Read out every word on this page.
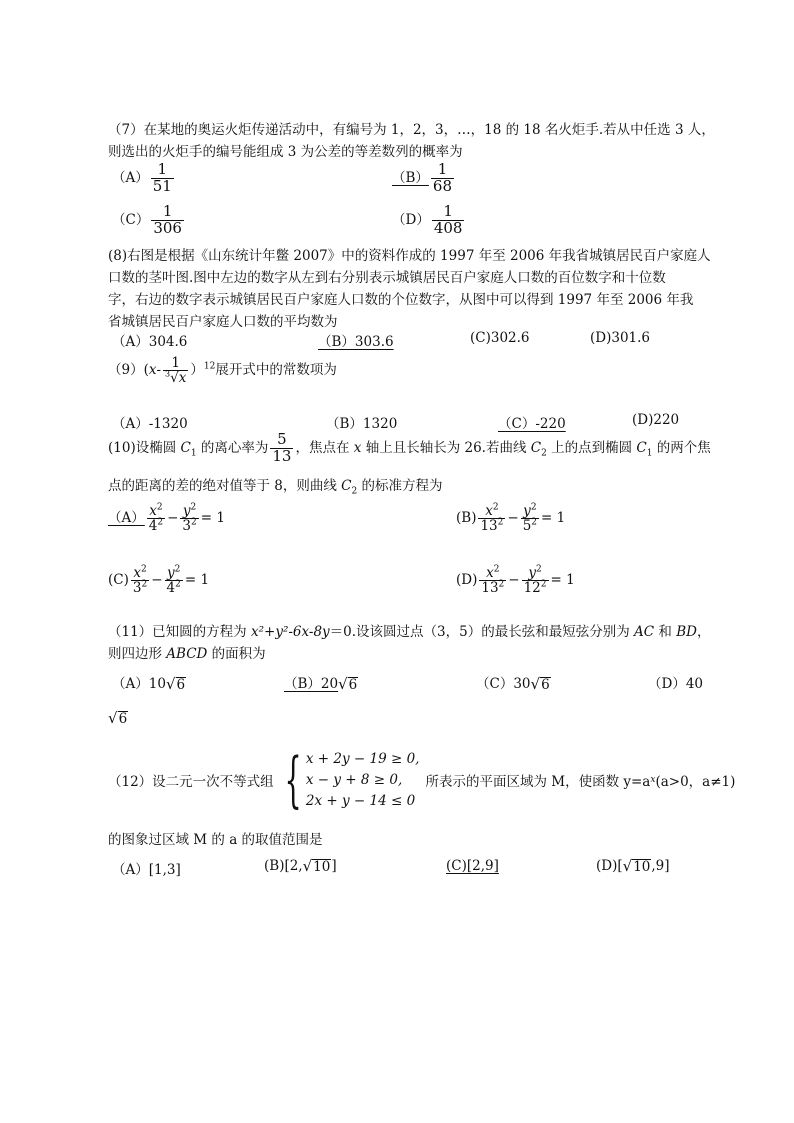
（7）在某地的奥运火炬传递活动中，有编号为 1，2，3，…，18 的 18 名火炬手.若从中任选 3 人，
则选出的火炬手的编号能组成 3 为公差的等差数列的概率为
$(A) \frac{1}{51}$	$(B) \frac{1}{68}$
$(C) \frac{1}{306}$	$(D) \frac{1}{408}$
(8)右图是根据《山东统计年鳖 2007》中的资料作成的 1997 年至 2006 年我省城镇居民百户家庭人
口数的茎叶图.图中左边的数字从左到右分别表示城镇居民百户家庭人口数的百位数字和十位数
字，右边的数字表示城镇居民百户家庭人口数的个位数字，从图中可以得到 1997 年至 2006 年我
省城镇居民百户家庭人口数的平均数为
（A）304.6	（B）303.6	(C)302.6	(D)301.6
$(9)(x- \frac{1}{^3√x} )^{12}$展开式中的常数项为
（A）-1320	（B）1320	（C）-220	(D)220
(10)设椭圆 $C_1$ 的离心率为 $\frac{5}{13}$ ，焦点在 x 轴上且长轴长为 26.若曲线 $C_2$ 上的点到椭圆 $C_1$ 的两个焦
点的距离的差的绝对值等于 8，则曲线 $C_2$ 的标准方程为
$(A) \frac{x^2}{4^2} - \frac{y^2}{3^2} = 1$	$(B) \frac{x^2}{13^2} - \frac{y^2}{5^2} = 1$
$(C) \frac{x^2}{3^2} - \frac{y^2}{4^2} = 1$	$(D) \frac{x^2}{13^2} - \frac{y^2}{12^2} = 1$
（11）已知圆的方程为 x²+y²-6x-8y＝0.设该圆过点（3，5）的最长弦和最短弦分别为 AC 和 BD，
则四边形 ABCD 的面积为
（A）10 √ 6	（B）20 √ 6	（C）30 √ 6	（D）40
√ 6
（12）设二元一次不等式组 { x + 2y − 19 ≥ 0,
x − y + 8 ≥ 0,
2x + y − 14 ≤ 0
所表示的平面区域为 M，使函数 y=a x (a>0，a≠1)
的图象过区域 M 的 a 的取值范围是
（A）[1,3]	(B)[2, √ 10 ]	(C)[2,9]	(D)[ √ 10 ,9]
